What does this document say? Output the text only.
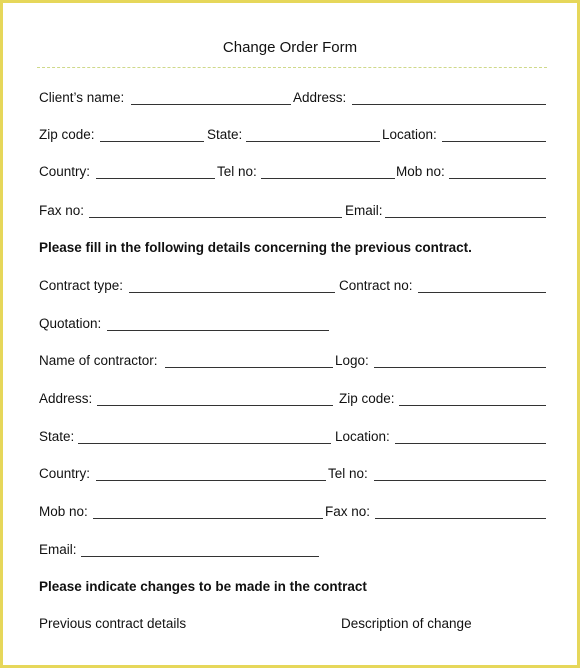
Change Order Form
Client’s name:	Address:
Zip code:	State:	Location:
Country:	Tel no:	Mob no:
Fax no:	Email:
Please fill in the following details concerning the previous contract.
Contract type:	Contract no:
Quotation:
Name of contractor:	Logo:
Address:	Zip code:
State:	Location:
Country:	Tel no:
Mob no:	Fax no:
Email:
Please indicate changes to be made in the contract
Previous contract details	Description of change
